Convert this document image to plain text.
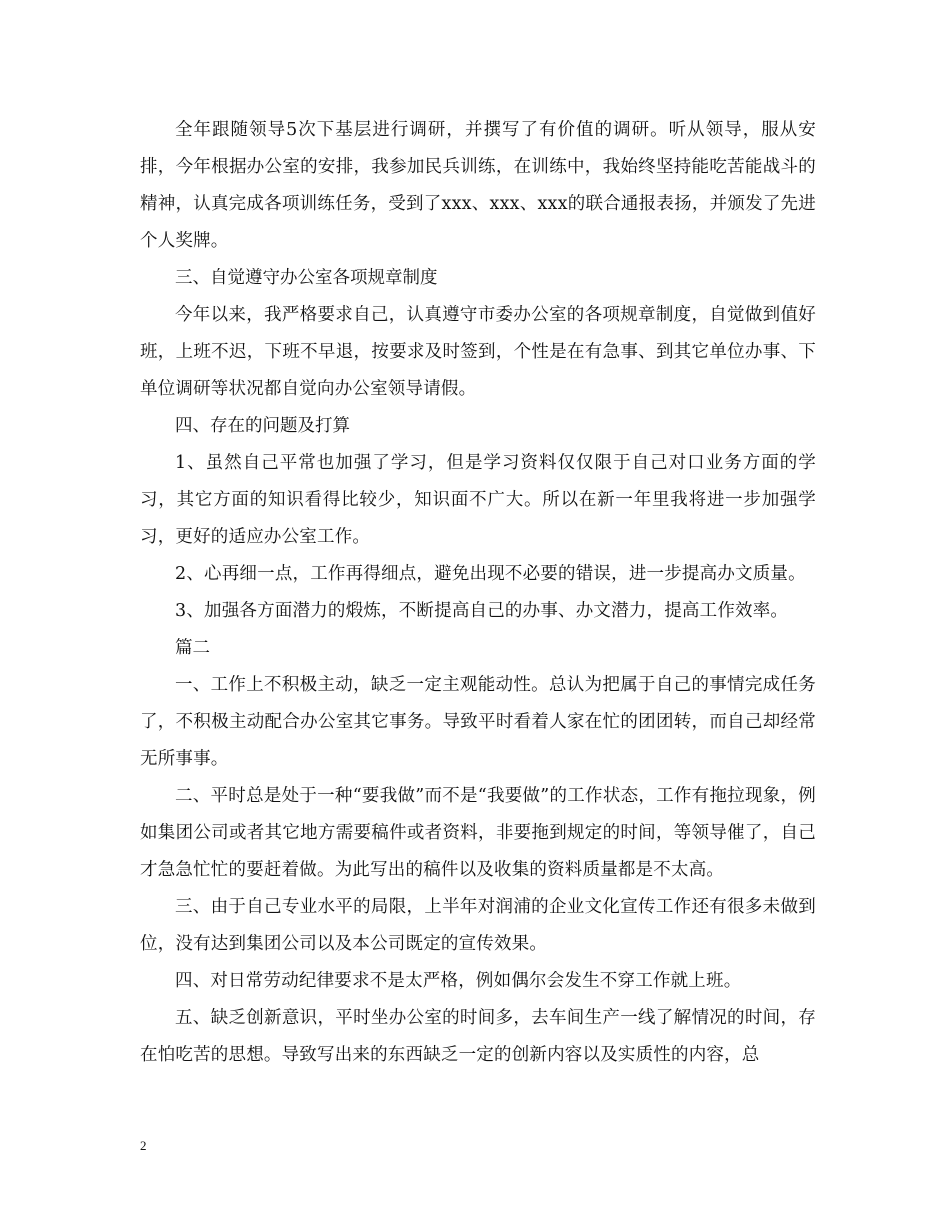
全年跟随领导5次下基层进行调研，并撰写了有价值的调研。听从领导，服从安排，今年根据办公室的安排，我参加民兵训练，在训练中，我始终坚持能吃苦能战斗的精神，认真完成各项训练任务，受到了xxx、xxx、xxx的联合通报表扬，并颁发了先进个人奖牌。

三、自觉遵守办公室各项规章制度

今年以来，我严格要求自己，认真遵守市委办公室的各项规章制度，自觉做到值好班，上班不迟，下班不早退，按要求及时签到，个性是在有急事、到其它单位办事、下单位调研等状况都自觉向办公室领导请假。

四、存在的问题及打算

1、虽然自己平常也加强了学习，但是学习资料仅仅限于自己对口业务方面的学习，其它方面的知识看得比较少，知识面不广大。所以在新一年里我将进一步加强学习，更好的适应办公室工作。

2、心再细一点，工作再得细点，避免出现不必要的错误，进一步提高办文质量。

3、加强各方面潜力的煅炼，不断提高自己的办事、办文潜力，提高工作效率。

篇二

一、工作上不积极主动，缺乏一定主观能动性。总认为把属于自己的事情完成任务了，不积极主动配合办公室其它事务。导致平时看着人家在忙的团团转，而自己却经常无所事事。

二、平时总是处于一种“要我做”而不是“我要做”的工作状态，工作有拖拉现象，例如集团公司或者其它地方需要稿件或者资料，非要拖到规定的时间，等领导催了，自己才急急忙忙的要赶着做。为此写出的稿件以及收集的资料质量都是不太高。

三、由于自己专业水平的局限，上半年对润浦的企业文化宣传工作还有很多未做到位，没有达到集团公司以及本公司既定的宣传效果。

四、对日常劳动纪律要求不是太严格，例如偶尔会发生不穿工作就上班。

五、缺乏创新意识，平时坐办公室的时间多，去车间生产一线了解情况的时间，存在怕吃苦的思想。导致写出来的东西缺乏一定的创新内容以及实质性的内容，总

2
